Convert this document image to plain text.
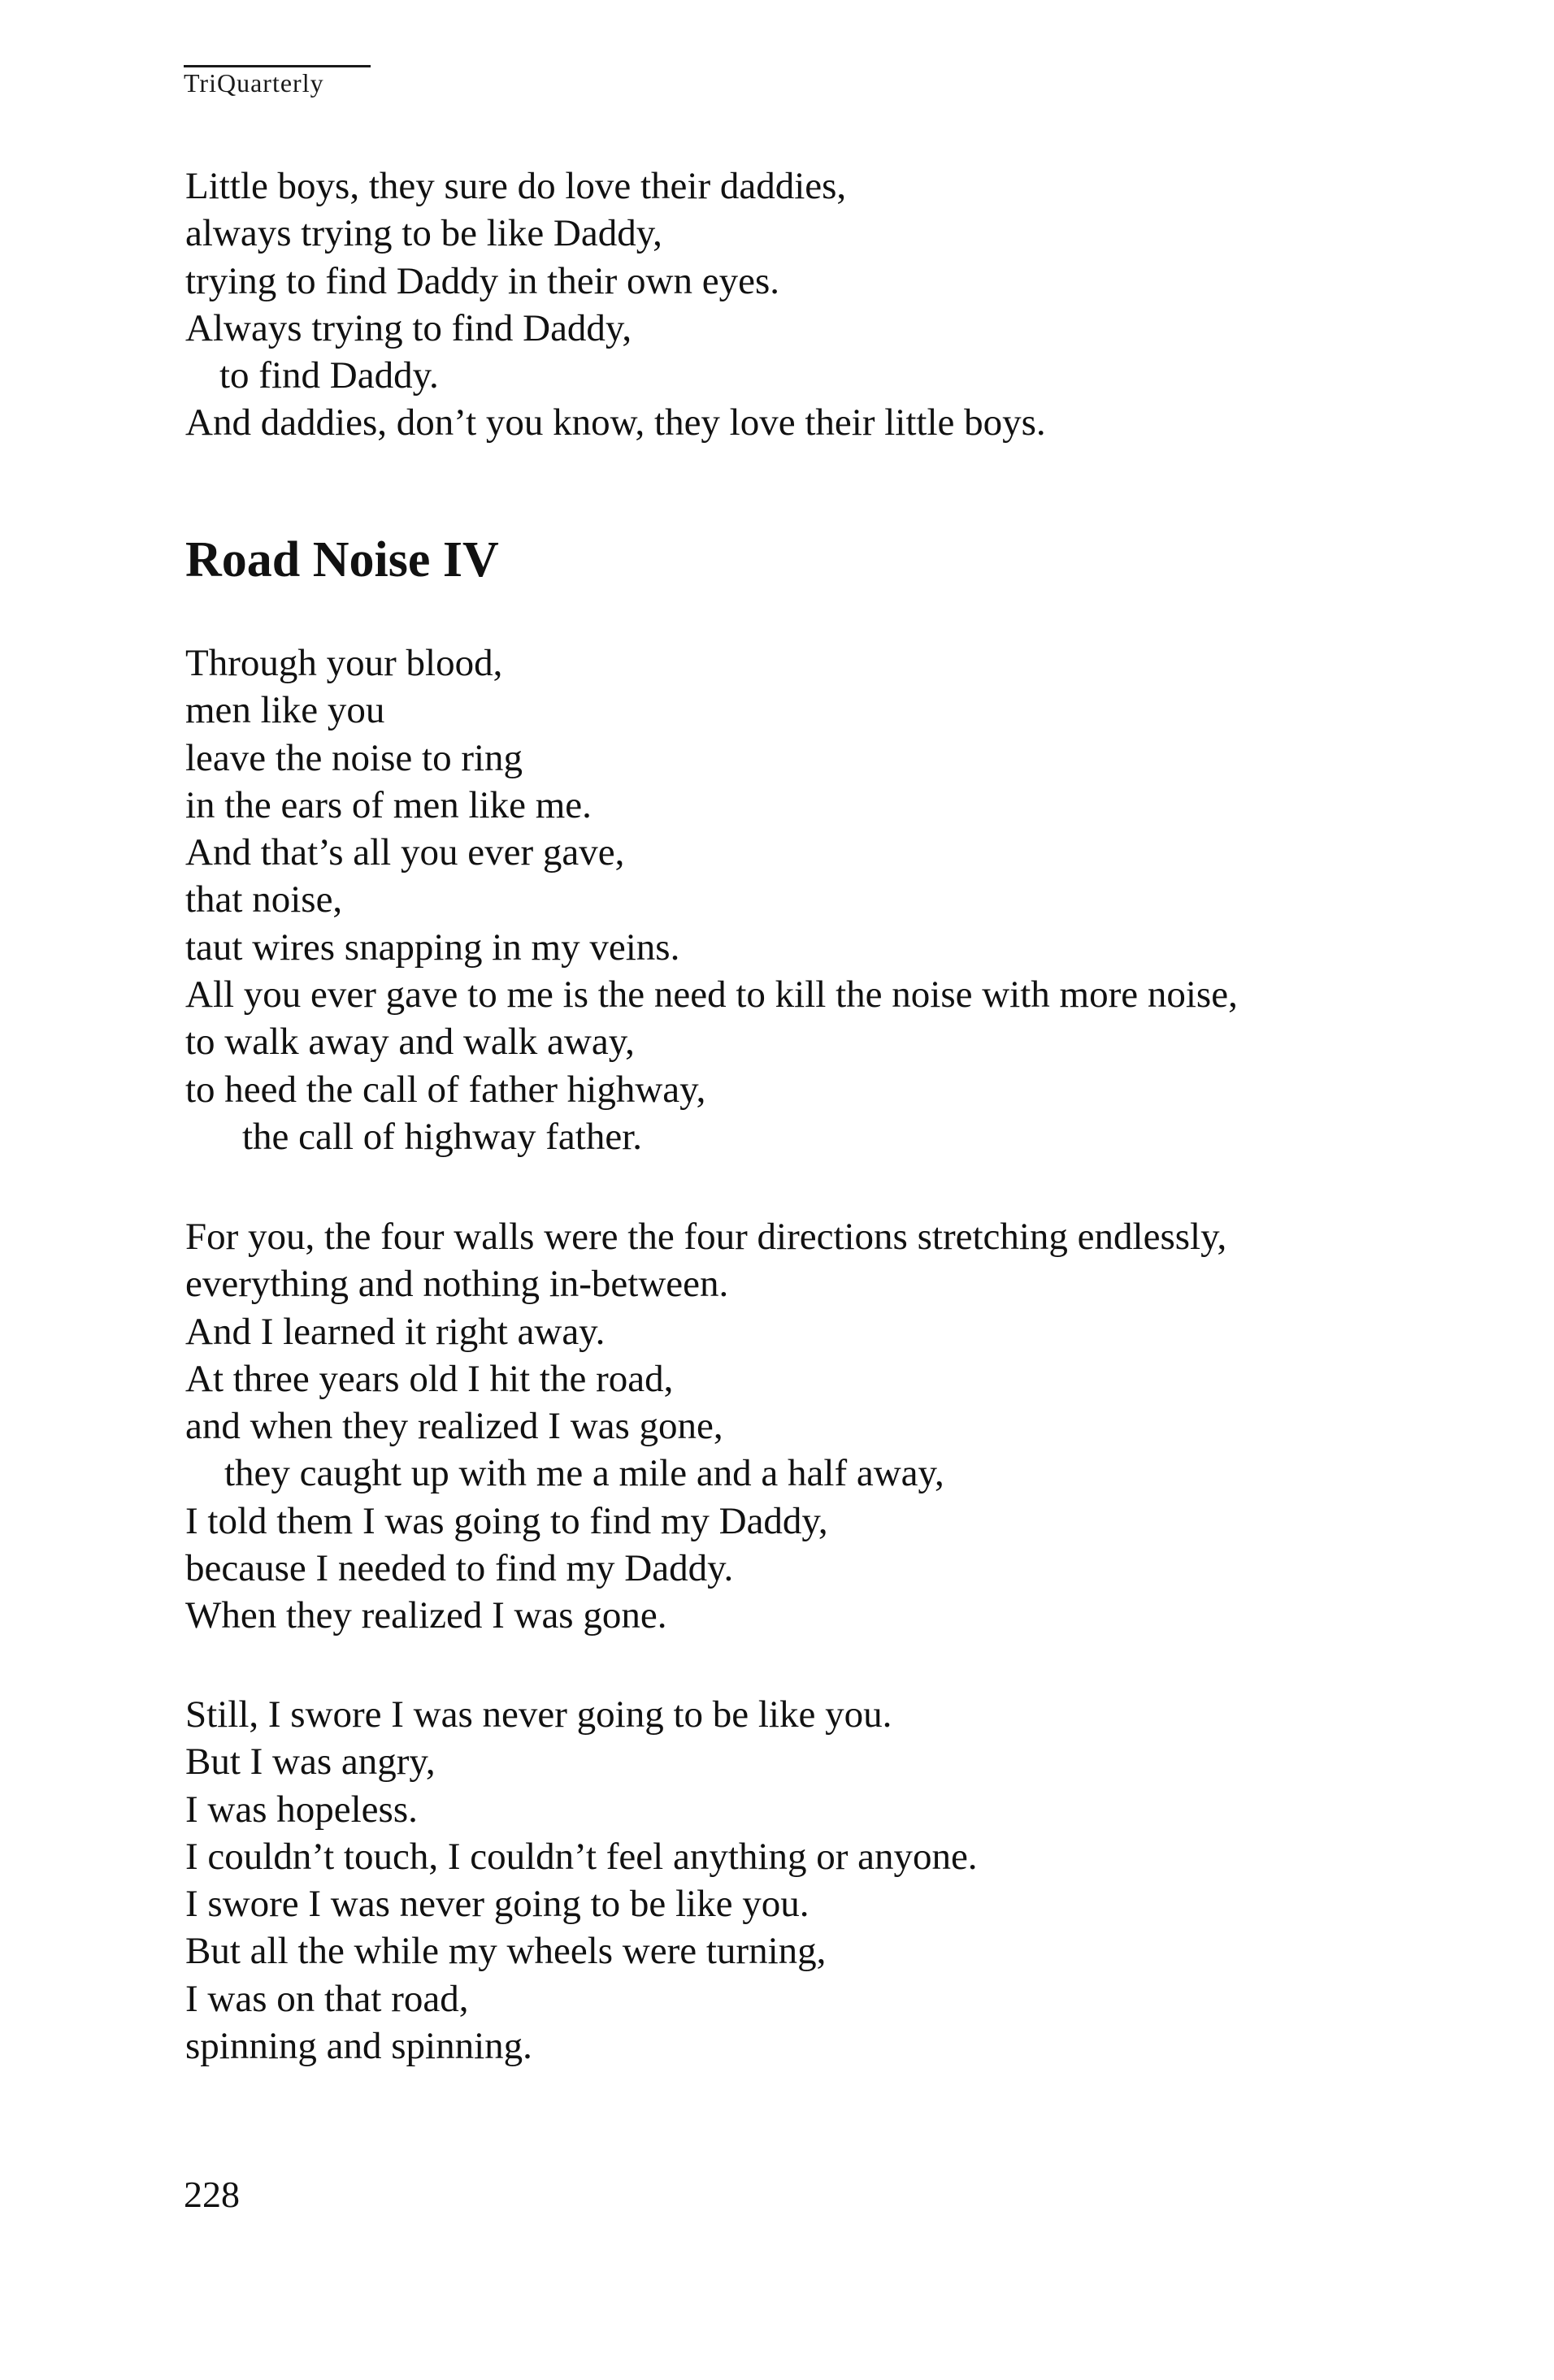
TriQuarterly
Little boys, they sure do love their daddies,
always trying to be like Daddy,
trying to find Daddy in their own eyes.
Always trying to find Daddy,
to find Daddy.
And daddies, don’t you know, they love their little boys.
Road Noise IV
Through your blood,
men like you
leave the noise to ring
in the ears of men like me.
And that’s all you ever gave,
that noise,
taut wires snapping in my veins.
All you ever gave to me is the need to kill the noise with more noise,
to walk away and walk away,
to heed the call of father highway,
the call of highway father.
For you, the four walls were the four directions stretching endlessly,
everything and nothing in-between.
And I learned it right away.
At three years old I hit the road,
and when they realized I was gone,
they caught up with me a mile and a half away,
I told them I was going to find my Daddy,
because I needed to find my Daddy.
When they realized I was gone.
Still, I swore I was never going to be like you.
But I was angry,
I was hopeless.
I couldn’t touch, I couldn’t feel anything or anyone.
I swore I was never going to be like you.
But all the while my wheels were turning,
I was on that road,
spinning and spinning.
228
